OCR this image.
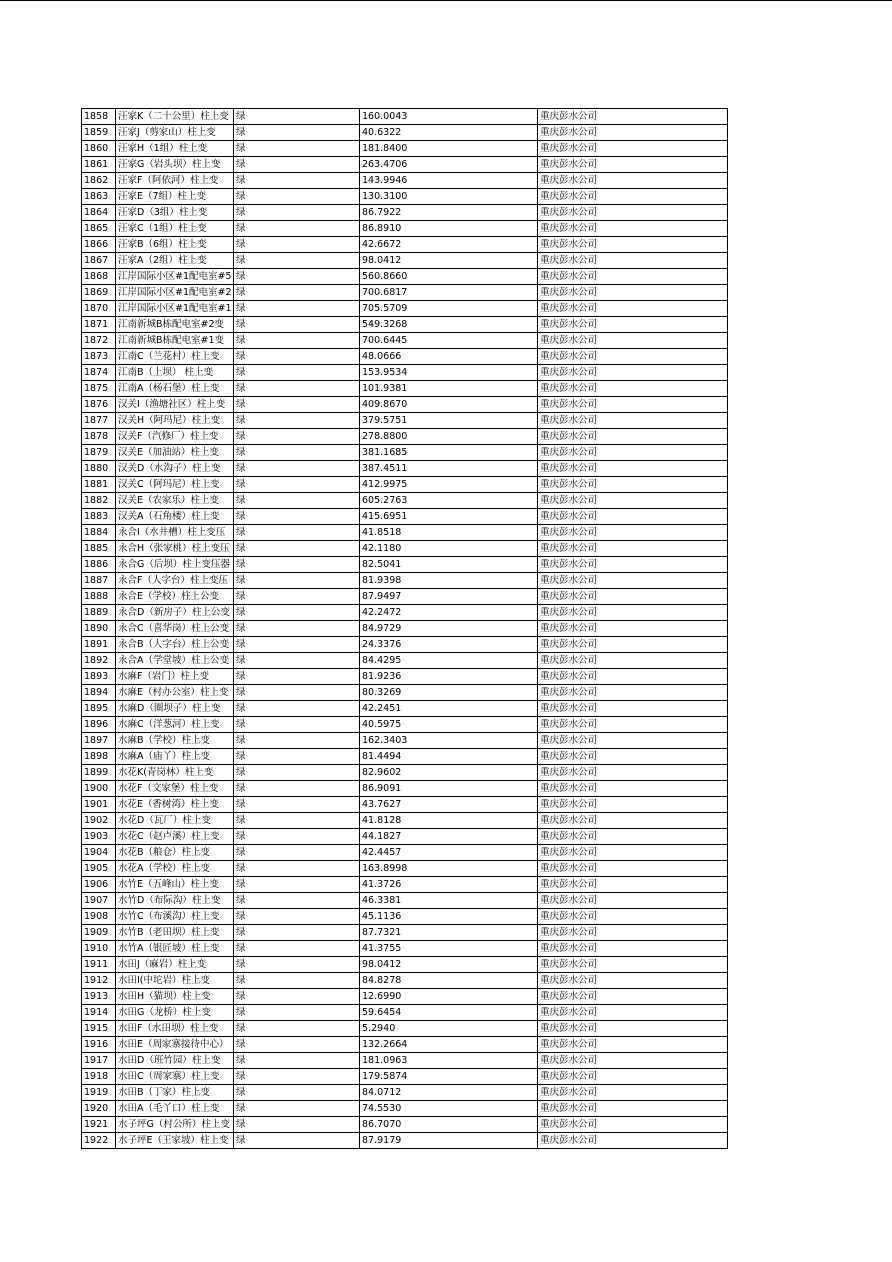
1858	汪家K（二十公里）柱上变	绿	160.0043	重庆彭水公司
1859	汪家J（剪家山）柱上变	绿	40.6322	重庆彭水公司
1860	汪家H（1组）柱上变	绿	181.8400	重庆彭水公司
1861	汪家G（岩头坝）柱上变	绿	263.4706	重庆彭水公司
1862	汪家F（阿依河）柱上变	绿	143.9946	重庆彭水公司
1863	汪家E（7组）柱上变	绿	130.3100	重庆彭水公司
1864	汪家D（3组）柱上变	绿	86.7922	重庆彭水公司
1865	汪家C（1组）柱上变	绿	86.8910	重庆彭水公司
1866	汪家B（6组）柱上变	绿	42.6672	重庆彭水公司
1867	汪家A（2组）柱上变	绿	98.0412	重庆彭水公司
1868	江岸国际小区#1配电室#5	绿	560.8660	重庆彭水公司
1869	江岸国际小区#1配电室#2	绿	700.6817	重庆彭水公司
1870	江岸国际小区#1配电室#1	绿	705.5709	重庆彭水公司
1871	江南新城B栋配电室#2变	绿	549.3268	重庆彭水公司
1872	江南新城B栋配电室#1变	绿	700.6445	重庆彭水公司
1873	江南C（兰花村）柱上变	绿	48.0666	重庆彭水公司
1874	江南B（上坝） 柱上变	绿	153.9534	重庆彭水公司
1875	江南A（杨石堡）柱上变	绿	101.9381	重庆彭水公司
1876	汉关I（渔塘社区）柱上变	绿	409.8670	重庆彭水公司
1877	汉关H（阿玛尼）柱上变	绿	379.5751	重庆彭水公司
1878	汉关F（汽修厂）柱上变	绿	278.8800	重庆彭水公司
1879	汉关E（加油站）柱上变	绿	381.1685	重庆彭水公司
1880	汉关D（水沟子）柱上变	绿	387.4511	重庆彭水公司
1881	汉关C（阿玛尼）柱上变	绿	412.9975	重庆彭水公司
1882	汉关E（农家乐）柱上变	绿	605.2763	重庆彭水公司
1883	汉关A（石角楼）柱上变	绿	415.6951	重庆彭水公司
1884	永合I（水井槽）柱上变压	绿	41.8518	重庆彭水公司
1885	永合H（张家桃）柱上变压	绿	42.1180	重庆彭水公司
1886	永合G（后坝）柱上变压器	绿	82.5041	重庆彭水公司
1887	永合F（人字台）柱上变压	绿	81.9398	重庆彭水公司
1888	永合E（学校）柱上公变	绿	87.9497	重庆彭水公司
1889	永合D（新房子）柱上公变	绿	42.2472	重庆彭水公司
1890	永合C（喜华岗）柱上公变	绿	84.9729	重庆彭水公司
1891	永合B（人字台）柱上公变	绿	24.3376	重庆彭水公司
1892	永合A（学堂坡）柱上公变	绿	84.4295	重庆彭水公司
1893	水麻F（岩门）柱上变	绿	81.9236	重庆彭水公司
1894	水麻E（村办公室）柱上变	绿	80.3269	重庆彭水公司
1895	水麻D（圈坝子）柱上变	绿	42.2451	重庆彭水公司
1896	水麻C（洋葱河）柱上变	绿	40.5975	重庆彭水公司
1897	水麻B（学校）柱上变	绿	162.3403	重庆彭水公司
1898	水麻A（庙丫）柱上变	绿	81.4494	重庆彭水公司
1899	水花K(青岗林）柱上变	绿	82.9602	重庆彭水公司
1900	水花F（文家堡）柱上变	绿	86.9091	重庆彭水公司
1901	水花E（香树湾）柱上变	绿	43.7627	重庆彭水公司
1902	水花D（瓦厂）柱上变	绿	41.8128	重庆彭水公司
1903	水花C（赵卢溪）柱上变	绿	44.1827	重庆彭水公司
1904	水花B（粮仓）柱上变	绿	42.4457	重庆彭水公司
1905	水花A（学校）柱上变	绿	163.8998	重庆彭水公司
1906	水竹E（五峰山）柱上变	绿	41.3726	重庆彭水公司
1907	水竹D（布际沟）柱上变	绿	46.3381	重庆彭水公司
1908	水竹C（布溪沟）柱上变	绿	45.1136	重庆彭水公司
1909	水竹B（老田坝）柱上变	绿	87.7321	重庆彭水公司
1910	水竹A（银匠坡）柱上变	绿	41.3755	重庆彭水公司
1911	水田J（麻岩）柱上变	绿	98.0412	重庆彭水公司
1912	水田I(中坨岩）柱上变	绿	84.8278	重庆彭水公司
1913	水田H（猫坝）柱上变	绿	12.6990	重庆彭水公司
1914	水田G（龙桥）柱上变	绿	59.6454	重庆彭水公司
1915	水田F（水田坝）柱上变	绿	5.2940	重庆彭水公司
1916	水田E（周家寨接待中心）	绿	132.2664	重庆彭水公司
1917	水田D（班竹园）柱上变	绿	181.0963	重庆彭水公司
1918	水田C（周家寨）柱上变	绿	179.5874	重庆彭水公司
1919	水田B（丁家）柱上变	绿	84.0712	重庆彭水公司
1920	水田A（毛丫口）柱上变	绿	74.5530	重庆彭水公司
1921	水子坪G（村公所）柱上变	绿	86.7070	重庆彭水公司
1922	水子坪E（王家坡）柱上变	绿	87.9179	重庆彭水公司
